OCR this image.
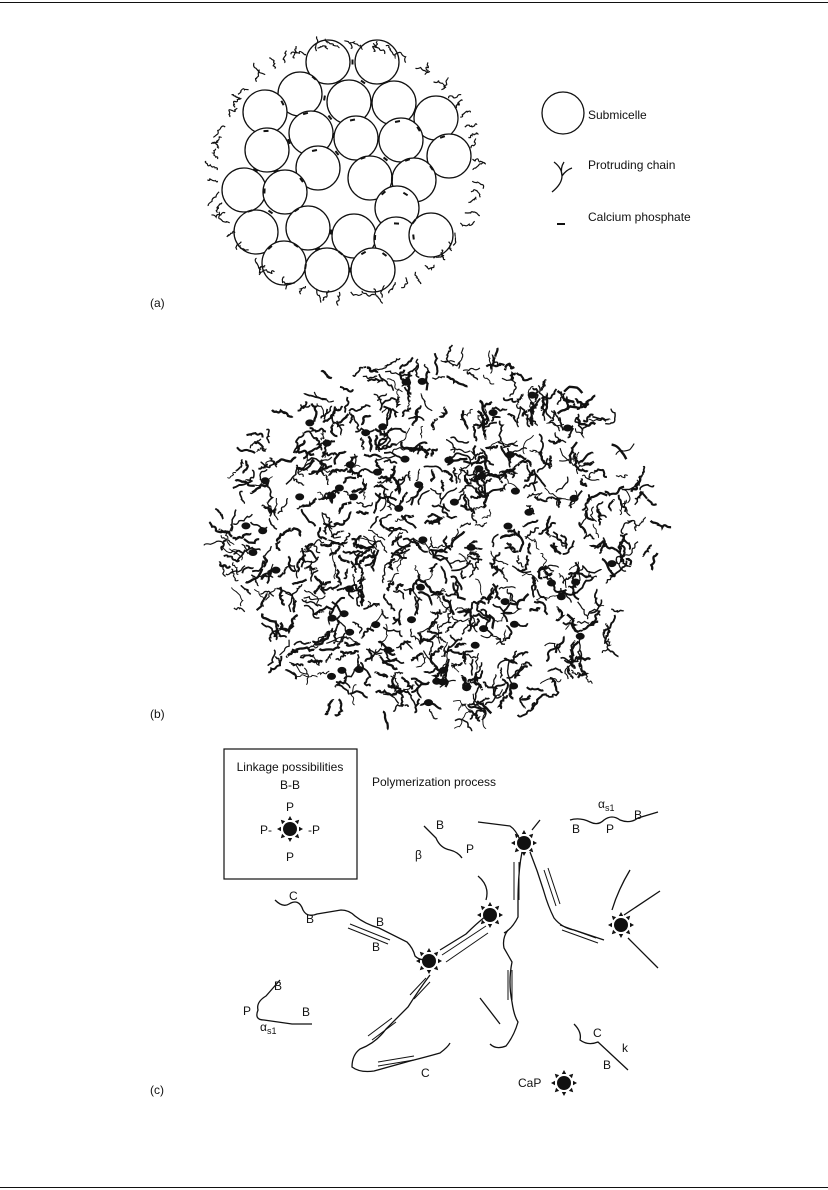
(a)
Submicelle
Protruding chain
Calcium phosphate
(b)
Linkage possibilities
B-B
P
P-	-P
P
Polymerization process
B
P
β
$\alpha_{s1}$
B P
B
C
B	B
B
B
P	B
$\alpha_{s1}$
C
C
k
B
CaP
(c)
